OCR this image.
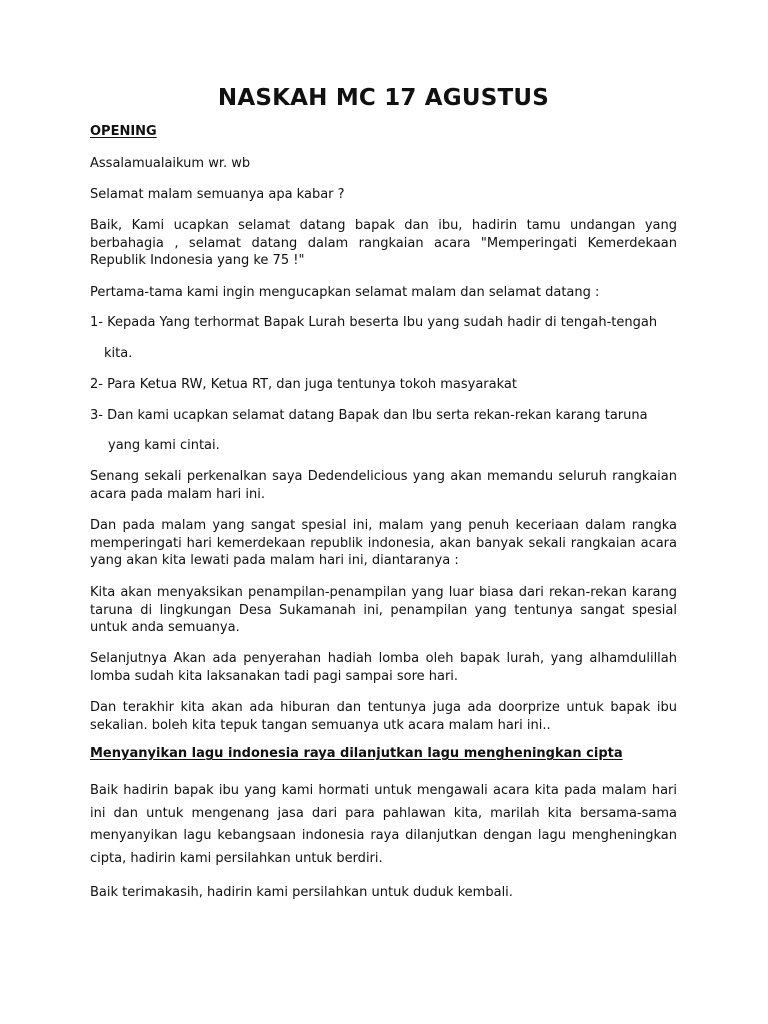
NASKAH MC 17 AGUSTUS

OPENING

Assalamualaikum wr. wb

Selamat malam semuanya apa kabar ?

Baik, Kami ucapkan selamat datang bapak dan ibu, hadirin tamu undangan yang berbahagia , selamat datang dalam rangkaian acara "Memperingati Kemerdekaan Republik Indonesia yang ke 75 !"

Pertama-tama kami ingin mengucapkan selamat malam dan selamat datang :

1- Kepada Yang terhormat Bapak Lurah beserta Ibu yang sudah hadir di tengah-tengah

kita.

2- Para Ketua RW, Ketua RT, dan juga tentunya tokoh masyarakat

3- Dan kami ucapkan selamat datang Bapak dan Ibu serta rekan-rekan karang taruna

yang kami cintai.

Senang sekali perkenalkan saya Dedendelicious yang akan memandu seluruh rangkaian acara pada malam hari ini.

Dan pada malam yang sangat spesial ini, malam yang penuh keceriaan dalam rangka memperingati hari kemerdekaan republik indonesia, akan banyak sekali rangkaian acara yang akan kita lewati pada malam hari ini, diantaranya :

Kita akan menyaksikan penampilan-penampilan yang luar biasa dari rekan-rekan karang taruna di lingkungan Desa Sukamanah ini, penampilan yang tentunya sangat spesial untuk anda semuanya.

Selanjutnya Akan ada penyerahan hadiah lomba oleh bapak lurah, yang alhamdulillah lomba sudah kita laksanakan tadi pagi sampai sore hari.

Dan terakhir kita akan ada hiburan dan tentunya juga ada doorprize untuk bapak ibu sekalian. boleh kita tepuk tangan semuanya utk acara malam hari ini..

Menyanyikan lagu indonesia raya dilanjutkan lagu mengheningkan cipta

Baik hadirin bapak ibu yang kami hormati untuk mengawali acara kita pada malam hari ini dan untuk mengenang jasa dari para pahlawan kita, marilah kita bersama-sama menyanyikan lagu kebangsaan indonesia raya dilanjutkan dengan lagu mengheningkan cipta, hadirin kami persilahkan untuk berdiri.

Baik terimakasih, hadirin kami persilahkan untuk duduk kembali.
